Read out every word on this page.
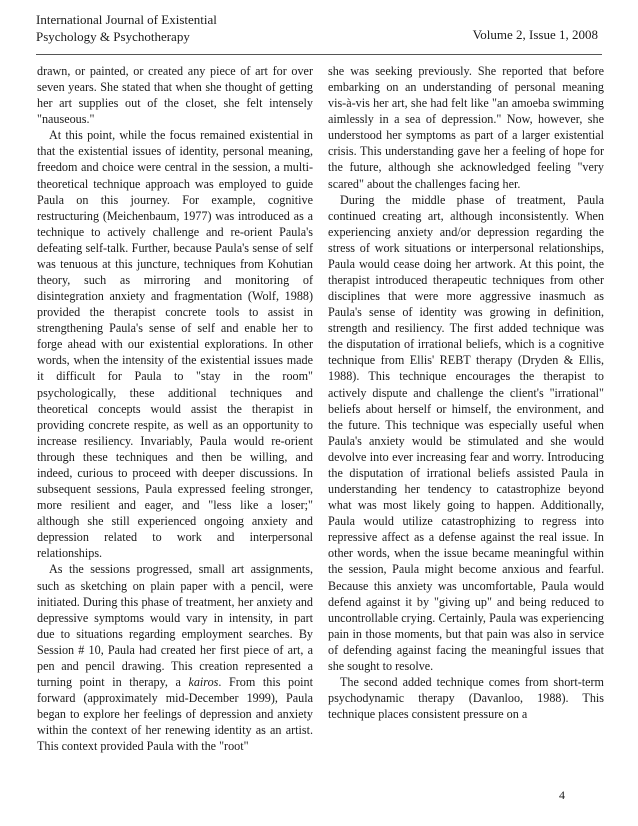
International Journal of Existential
Psychology & Psychotherapy	Volume 2, Issue 1, 2008

drawn, or painted, or created any piece of art for over seven years. She stated that when she thought of getting her art supplies out of the closet, she felt intensely "nauseous."

At this point, while the focus remained existential in that the existential issues of identity, personal meaning, freedom and choice were central in the session, a multi-theoretical technique approach was employed to guide Paula on this journey. For example, cognitive restructuring (Meichenbaum, 1977) was introduced as a technique to actively challenge and re-orient Paula's defeating self-talk. Further, because Paula's sense of self was tenuous at this juncture, techniques from Kohutian theory, such as mirroring and monitoring of disintegration anxiety and fragmentation (Wolf, 1988) provided the therapist concrete tools to assist in strengthening Paula's sense of self and enable her to forge ahead with our existential explorations. In other words, when the intensity of the existential issues made it difficult for Paula to "stay in the room" psychologically, these additional techniques and theoretical concepts would assist the therapist in providing concrete respite, as well as an opportunity to increase resiliency. Invariably, Paula would re-orient through these techniques and then be willing, and indeed, curious to proceed with deeper discussions. In subsequent sessions, Paula expressed feeling stronger, more resilient and eager, and "less like a loser;" although she still experienced ongoing anxiety and depression related to work and interpersonal relationships.

As the sessions progressed, small art assignments, such as sketching on plain paper with a pencil, were initiated. During this phase of treatment, her anxiety and depressive symptoms would vary in intensity, in part due to situations regarding employment searches. By Session # 10, Paula had created her first piece of art, a pen and pencil drawing. This creation represented a turning point in therapy, a kairos. From this point forward (approximately mid-December 1999), Paula began to explore her feelings of depression and anxiety within the context of her renewing identity as an artist. This context provided Paula with the "root"

she was seeking previously. She reported that before embarking on an understanding of personal meaning vis-à-vis her art, she had felt like "an amoeba swimming aimlessly in a sea of depression." Now, however, she understood her symptoms as part of a larger existential crisis. This understanding gave her a feeling of hope for the future, although she acknowledged feeling "very scared" about the challenges facing her.

During the middle phase of treatment, Paula continued creating art, although inconsistently. When experiencing anxiety and/or depression regarding the stress of work situations or interpersonal relationships, Paula would cease doing her artwork. At this point, the therapist introduced therapeutic techniques from other disciplines that were more aggressive inasmuch as Paula's sense of identity was growing in definition, strength and resiliency. The first added technique was the disputation of irrational beliefs, which is a cognitive technique from Ellis' REBT therapy (Dryden & Ellis, 1988). This technique encourages the therapist to actively dispute and challenge the client's "irrational" beliefs about herself or himself, the environment, and the future. This technique was especially useful when Paula's anxiety would be stimulated and she would devolve into ever increasing fear and worry. Introducing the disputation of irrational beliefs assisted Paula in understanding her tendency to catastrophize beyond what was most likely going to happen. Additionally, Paula would utilize catastrophizing to regress into repressive affect as a defense against the real issue. In other words, when the issue became meaningful within the session, Paula might become anxious and fearful. Because this anxiety was uncomfortable, Paula would defend against it by "giving up" and being reduced to uncontrollable crying. Certainly, Paula was experiencing pain in those moments, but that pain was also in service of defending against facing the meaningful issues that she sought to resolve.

The second added technique comes from short-term psychodynamic therapy (Davanloo, 1988). This technique places consistent pressure on a

4
